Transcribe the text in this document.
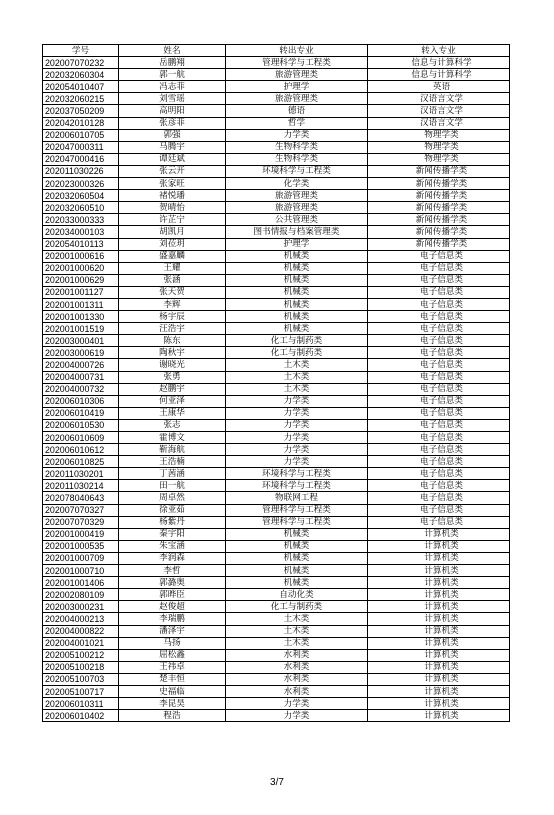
学号	姓名	转出专业	转入专业
202007070232	岳鹏翔	管理科学与工程类	信息与计算科学
202032060304	郭一航	旅游管理类	信息与计算科学
202054010407	冯志菲	护理学	英语
202032060215	刘雪瑶	旅游管理类	汉语言文学
202037050209	高明阳	德语	汉语言文学
202042010128	张彦菲	哲学	汉语言文学
202006010705	郭强	力学类	物理学类
202047000311	马腾宇	生物科学类	物理学类
202047000416	谭廷斌	生物科学类	物理学类
202011030226	张云开	环境科学与工程类	新闻传播学类
202023000326	张家旺	化学类	新闻传播学类
202032060504	褚悦璠	旅游管理类	新闻传播学类
202032060510	贺晴怡	旅游管理类	新闻传播学类
202033000333	许芷宁	公共管理类	新闻传播学类
202034000103	胡凯月	图书情报与档案管理类	新闻传播学类
202054010113	刘莅玥	护理学	新闻传播学类
202001000616	盛嘉麟	机械类	电子信息类
202001000620	王耀	机械类	电子信息类
202001000629	张涵	机械类	电子信息类
202001001127	张天贺	机械类	电子信息类
202001001311	李辉	机械类	电子信息类
202001001330	杨宇辰	机械类	电子信息类
202001001519	汪浩宇	机械类	电子信息类
202003000401	陈东	化工与制药类	电子信息类
202003000619	陶秋宇	化工与制药类	电子信息类
202004000726	谢晓光	土木类	电子信息类
202004000731	张勇	土木类	电子信息类
202004000732	赵鹏宇	土木类	电子信息类
202006010306	何亚泽	力学类	电子信息类
202006010419	王康华	力学类	电子信息类
202006010530	张志	力学类	电子信息类
202006010609	霍博文	力学类	电子信息类
202006010612	靳海航	力学类	电子信息类
202006010825	王浩楠	力学类	电子信息类
202011030201	丁茜涵	环境科学与工程类	电子信息类
202011030214	田一航	环境科学与工程类	电子信息类
202078040643	周卓然	物联网工程	电子信息类
202007070327	徐亚茹	管理科学与工程类	电子信息类
202007070329	杨紫丹	管理科学与工程类	电子信息类
202001000419	秦宇阳	机械类	计算机类
202001000535	朱宝涵	机械类	计算机类
202001000709	李润森	机械类	计算机类
202001000710	李哲	机械类	计算机类
202001001406	郭潞奥	机械类	计算机类
202002080109	郭晔臣	自动化类	计算机类
202003000231	赵俊超	化工与制药类	计算机类
202004000213	李瑞鹏	土木类	计算机类
202004000822	潘泽宇	土木类	计算机类
202004001021	马扬	土木类	计算机类
202005100212	屈松鑫	水利类	计算机类
202005100218	王祎卓	水利类	计算机类
202005100703	楚丰恒	水利类	计算机类
202005100717	史福临	水利类	计算机类
202006010311	李昆昊	力学类	计算机类
202006010402	程浩	力学类	计算机类
3/7
